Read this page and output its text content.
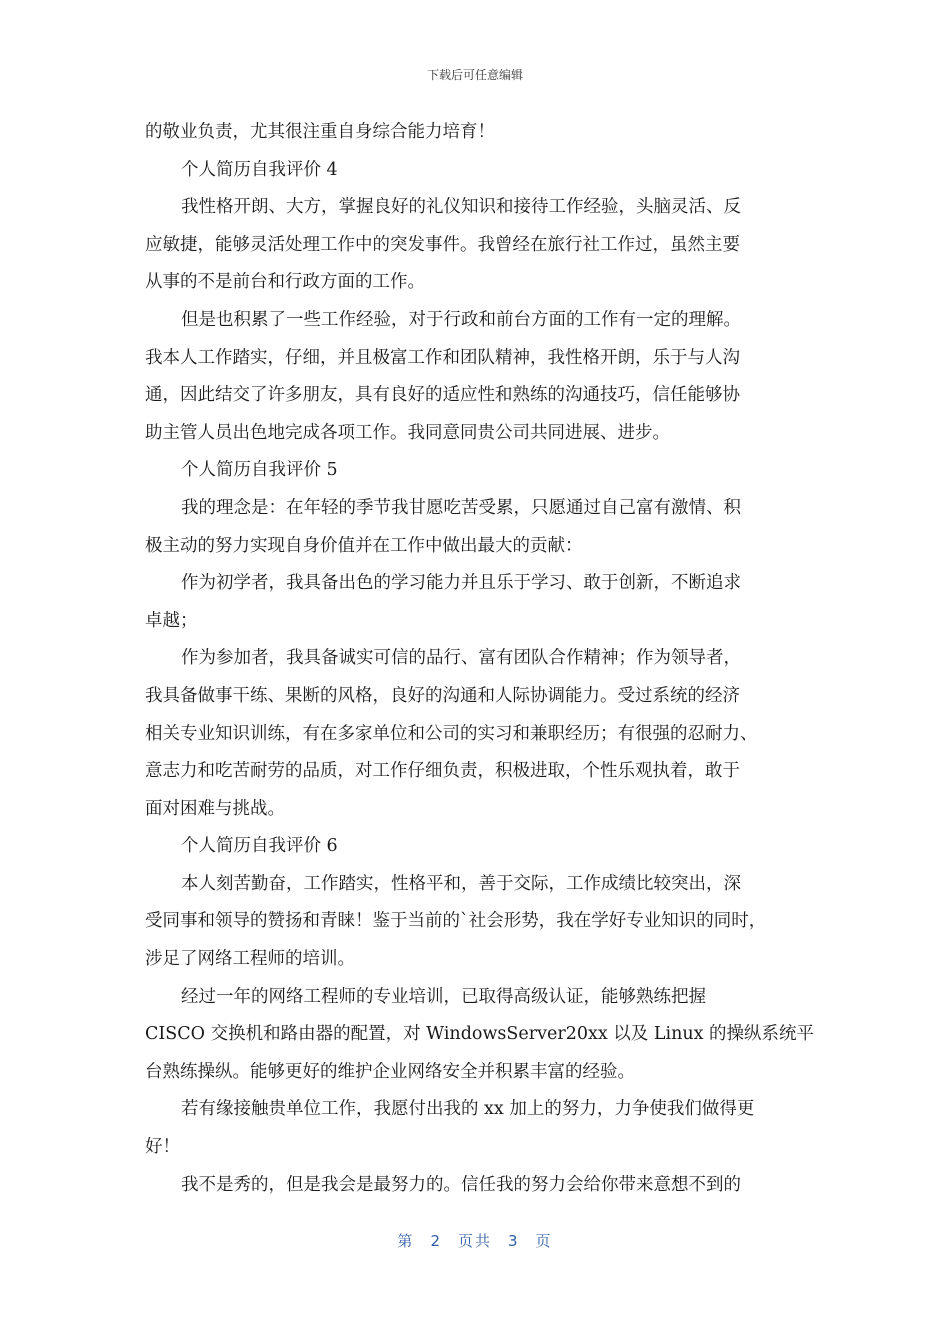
下载后可任意编辑
的敬业负责，尤其很注重自身综合能力培育！
个人简历自我评价 4
我性格开朗、大方，掌握良好的礼仪知识和接待工作经验，头脑灵活、反
应敏捷，能够灵活处理工作中的突发事件。我曾经在旅行社工作过，虽然主要
从事的不是前台和行政方面的工作。
但是也积累了一些工作经验，对于行政和前台方面的工作有一定的理解。
我本人工作踏实，仔细，并且极富工作和团队精神，我性格开朗，乐于与人沟
通，因此结交了许多朋友，具有良好的适应性和熟练的沟通技巧，信任能够协
助主管人员出色地完成各项工作。我同意同贵公司共同进展、进步。
个人简历自我评价 5
我的理念是：在年轻的季节我甘愿吃苦受累，只愿通过自己富有激情、积
极主动的努力实现自身价值并在工作中做出最大的贡献：
作为初学者，我具备出色的学习能力并且乐于学习、敢于创新，不断追求
卓越；
作为参加者，我具备诚实可信的品行、富有团队合作精神；作为领导者，
我具备做事干练、果断的风格，良好的沟通和人际协调能力。受过系统的经济
相关专业知识训练，有在多家单位和公司的实习和兼职经历；有很强的忍耐力、
意志力和吃苦耐劳的品质，对工作仔细负责，积极进取，个性乐观执着，敢于
面对困难与挑战。
个人简历自我评价 6
本人刻苦勤奋，工作踏实，性格平和，善于交际，工作成绩比较突出，深
受同事和领导的赞扬和青睐！鉴于当前的`社会形势，我在学好专业知识的同时，
涉足了网络工程师的培训。
经过一年的网络工程师的专业培训，已取得高级认证，能够熟练把握
CISCO 交换机和路由器的配置，对 WindowsServer20xx 以及 Linux 的操纵系统平
台熟练操纵。能够更好的维护企业网络安全并积累丰富的经验。
若有缘接触贵单位工作，我愿付出我的 xx 加上的努力，力争使我们做得更
好！
我不是秀的，但是我会是最努力的。信任我的努力会给你带来意想不到的
第 2 页共 3 页
